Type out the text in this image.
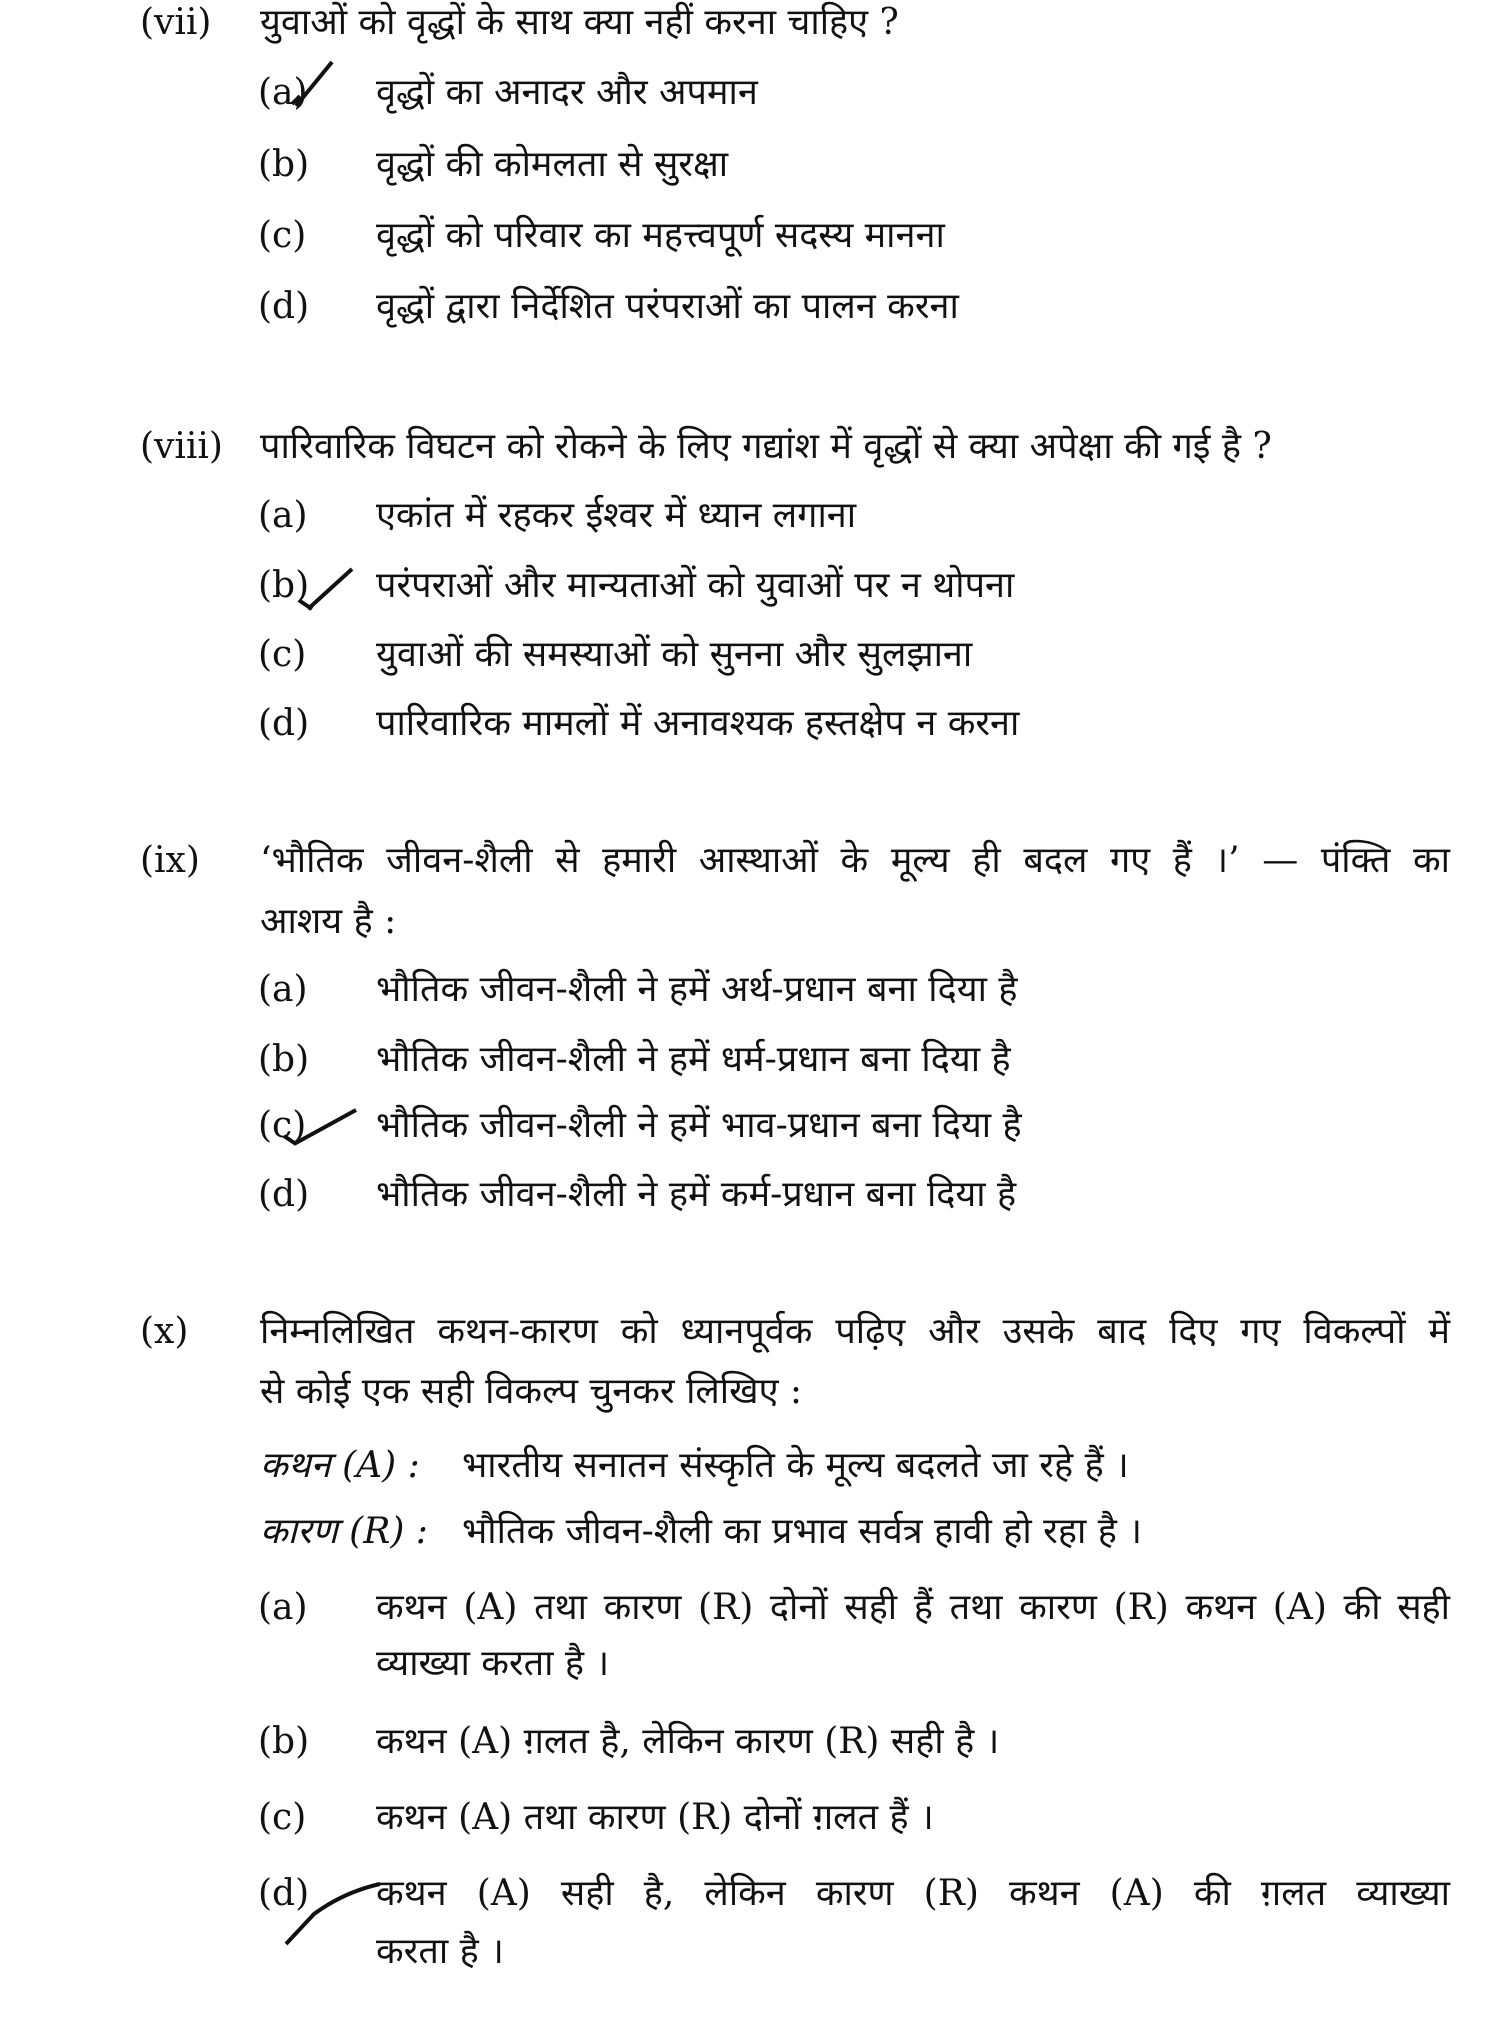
(vii) युवाओं को वृद्धों के साथ क्या नहीं करना चाहिए ?
(a) वृद्धों का अनादर और अपमान
(b) वृद्धों की कोमलता से सुरक्षा
(c) वृद्धों को परिवार का महत्त्वपूर्ण सदस्य मानना
(d) वृद्धों द्वारा निर्देशित परंपराओं का पालन करना
(viii) पारिवारिक विघटन को रोकने के लिए गद्यांश में वृद्धों से क्या अपेक्षा की गई है ?
(a) एकांत में रहकर ईश्वर में ध्यान लगाना
(b) परंपराओं और मान्यताओं को युवाओं पर न थोपना
(c) युवाओं की समस्याओं को सुनना और सुलझाना
(d) पारिवारिक मामलों में अनावश्यक हस्तक्षेप न करना
(ix) ‘भौतिक जीवन-शैली से हमारी आस्थाओं के मूल्य ही बदल गए हैं ।’ — पंक्ति का
आशय है :
(a) भौतिक जीवन-शैली ने हमें अर्थ-प्रधान बना दिया है
(b) भौतिक जीवन-शैली ने हमें धर्म-प्रधान बना दिया है
(c) भौतिक जीवन-शैली ने हमें भाव-प्रधान बना दिया है
(d) भौतिक जीवन-शैली ने हमें कर्म-प्रधान बना दिया है
(x) निम्नलिखित कथन-कारण को ध्यानपूर्वक पढ़िए और उसके बाद दिए गए विकल्पों में
से कोई एक सही विकल्प चुनकर लिखिए :
कथन (A) : भारतीय सनातन संस्कृति के मूल्य बदलते जा रहे हैं ।
कारण (R) : भौतिक जीवन-शैली का प्रभाव सर्वत्र हावी हो रहा है ।
(a) कथन (A) तथा कारण (R) दोनों सही हैं तथा कारण (R) कथन (A) की सही
व्याख्या करता है ।
(b) कथन (A) ग़लत है, लेकिन कारण (R) सही है ।
(c) कथन (A) तथा कारण (R) दोनों ग़लत हैं ।
(d) कथन (A) सही है, लेकिन कारण (R) कथन (A) की ग़लत व्याख्या
करता है ।
